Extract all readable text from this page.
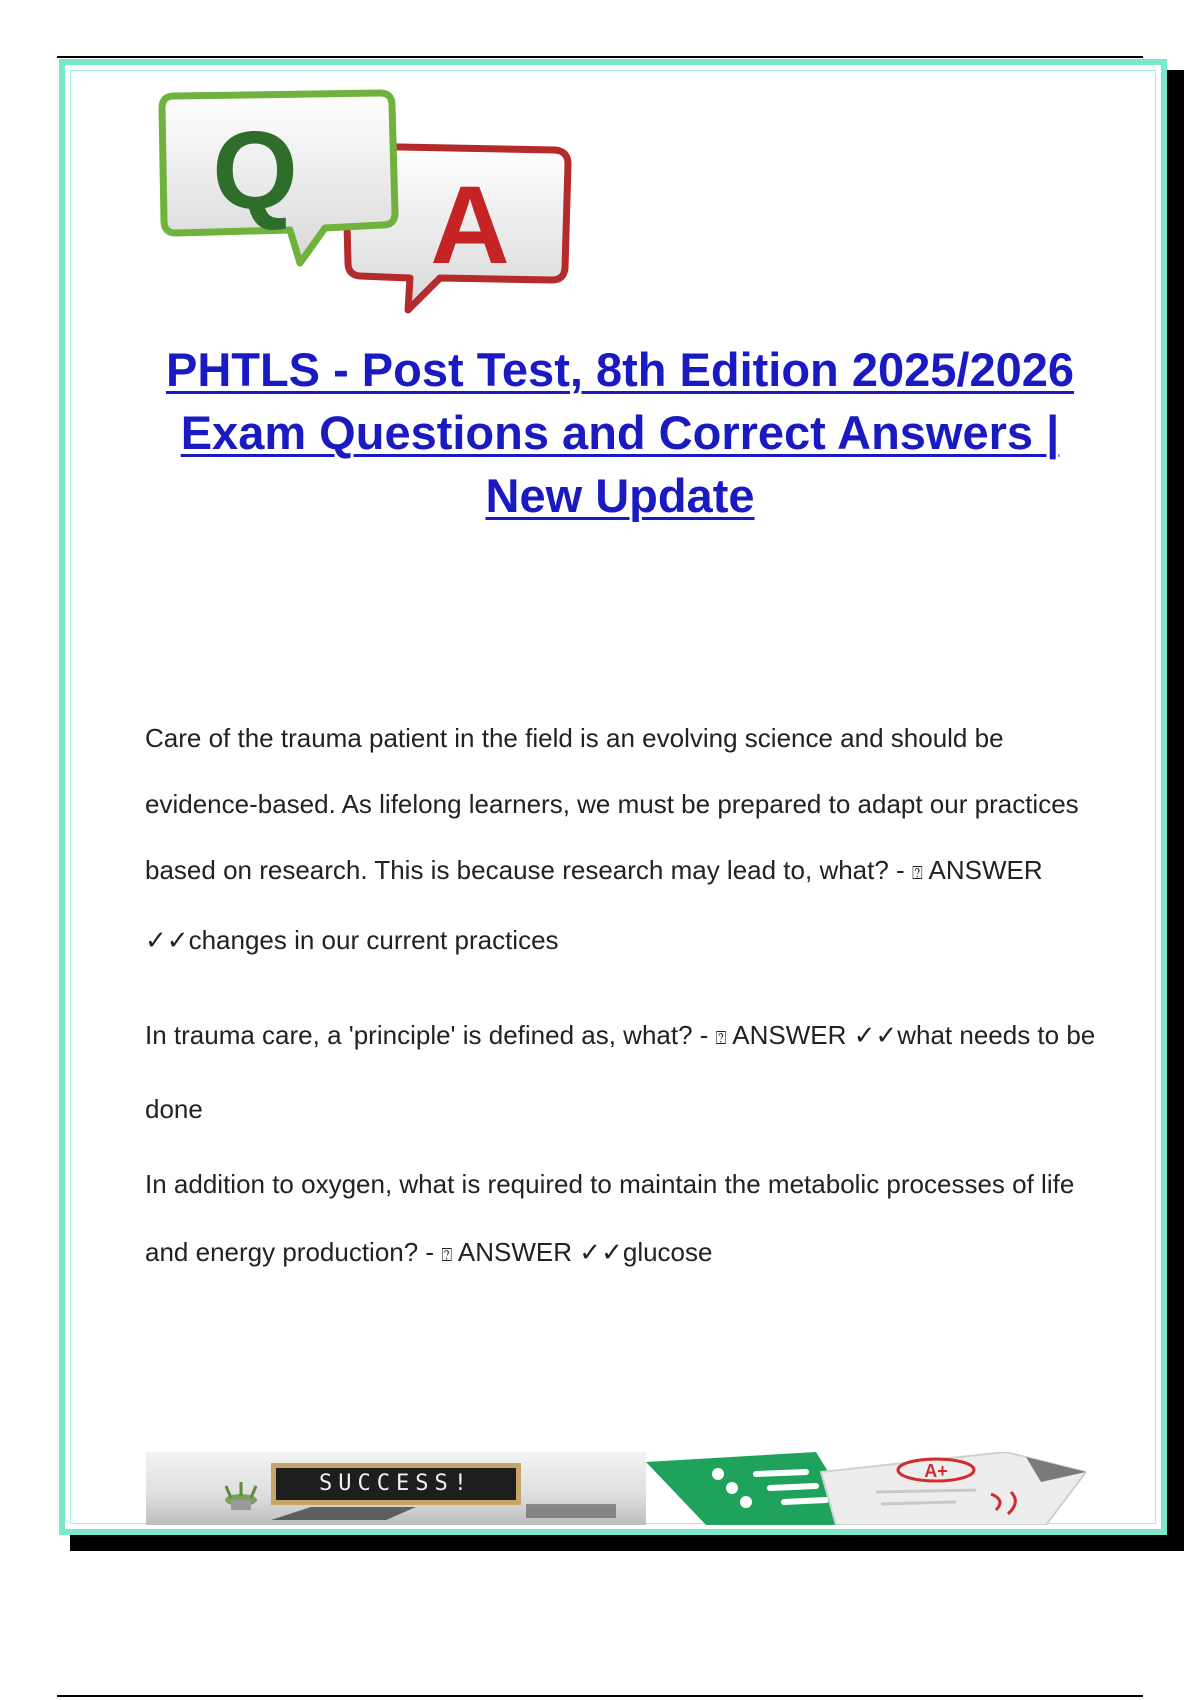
A
Q
PHTLS - Post Test, 8th Edition 2025/2026 Exam Questions and Correct Answers | New Update

Care of the trauma patient in the field is an evolving science and should be evidence-based. As lifelong learners, we must be prepared to adapt our practices based on research. This is because research may lead to, what? - ⍰ ANSWER ✓✓changes in our current practices

In trauma care, a 'principle' is defined as, what? - ⍰ ANSWER ✓✓what needs to be done

In addition to oxygen, what is required to maintain the metabolic processes of life and energy production? - ⍰ ANSWER ✓✓glucose

SUCCESS!	A+
